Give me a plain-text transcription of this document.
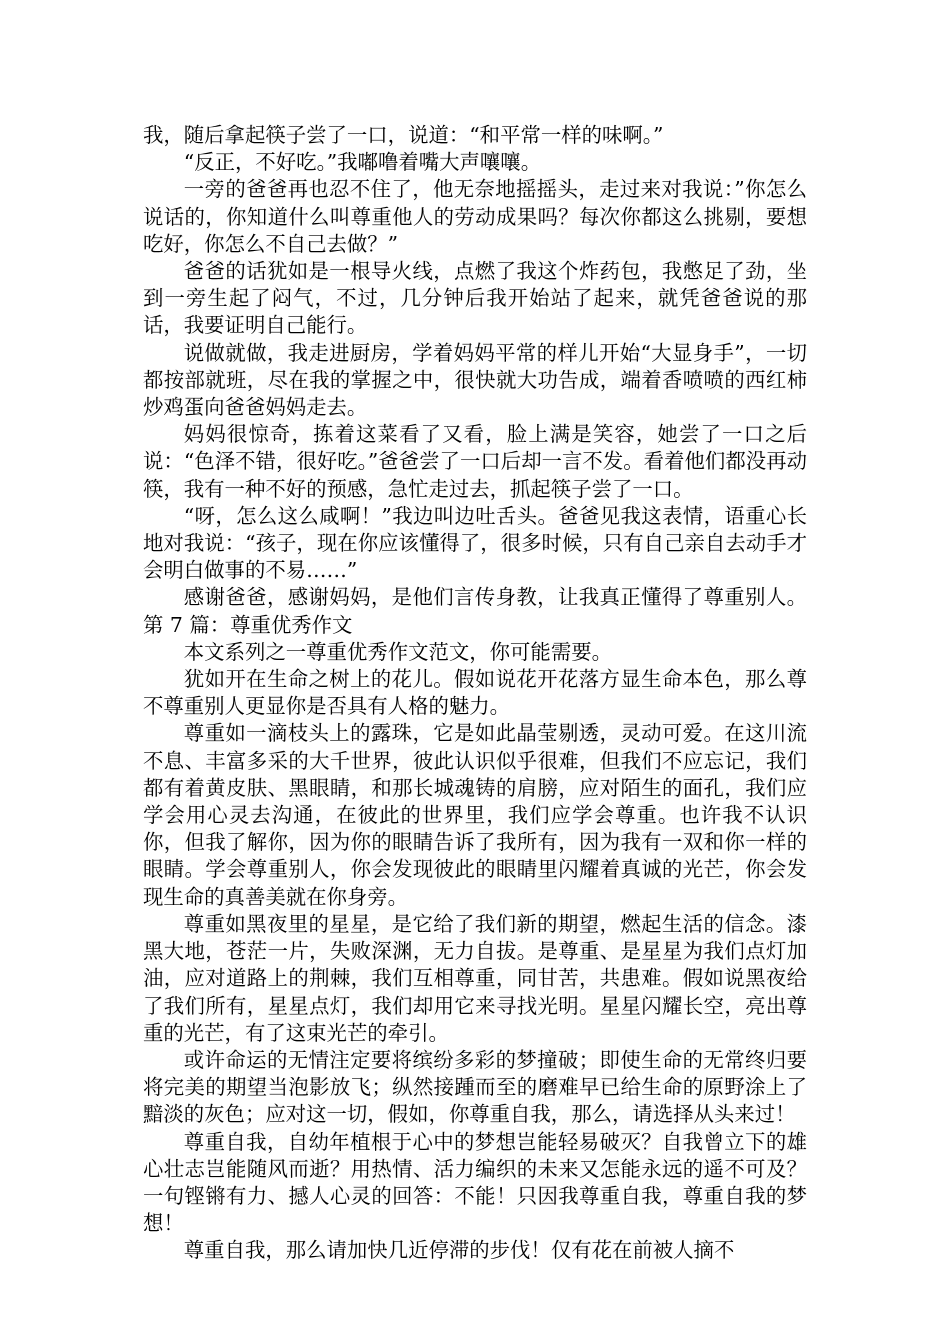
我，随后拿起筷子尝了一口，说道：“和平常一样的味啊。”

“反正，不好吃。”我嘟噜着嘴大声嚷嚷。

一旁的爸爸再也忍不住了，他无奈地摇摇头，走过来对我说：”你怎么说话的，你知道什么叫尊重他人的劳动成果吗？每次你都这么挑剔，要想吃好，你怎么不自己去做？”

爸爸的话犹如是一根导火线，点燃了我这个炸药包，我憋足了劲，坐到一旁生起了闷气，不过，几分钟后我开始站了起来，就凭爸爸说的那话，我要证明自己能行。

说做就做，我走进厨房，学着妈妈平常的样儿开始“大显身手”，一切都按部就班，尽在我的掌握之中，很快就大功告成，端着香喷喷的西红柿炒鸡蛋向爸爸妈妈走去。

妈妈很惊奇，拣着这菜看了又看，脸上满是笑容，她尝了一口之后说：“色泽不错，很好吃。”爸爸尝了一口后却一言不发。看着他们都没再动筷，我有一种不好的预感，急忙走过去，抓起筷子尝了一口。

“呀，怎么这么咸啊！”我边叫边吐舌头。爸爸见我这表情，语重心长地对我说：“孩子，现在你应该懂得了，很多时候，只有自己亲自去动手才会明白做事的不易……”

感谢爸爸，感谢妈妈，是他们言传身教，让我真正懂得了尊重别人。第 7 篇：尊重优秀作文

本文系列之一尊重优秀作文范文，你可能需要。

犹如开在生命之树上的花儿。假如说花开花落方显生命本色，那么尊不尊重别人更显你是否具有人格的魅力。

尊重如一滴枝头上的露珠，它是如此晶莹剔透，灵动可爱。在这川流不息、丰富多采的大千世界，彼此认识似乎很难，但我们不应忘记，我们都有着黄皮肤、黑眼睛，和那长城魂铸的肩膀，应对陌生的面孔，我们应学会用心灵去沟通，在彼此的世界里，我们应学会尊重。也许我不认识你，但我了解你，因为你的眼睛告诉了我所有，因为我有一双和你一样的眼睛。学会尊重别人，你会发现彼此的眼睛里闪耀着真诚的光芒，你会发现生命的真善美就在你身旁。

尊重如黑夜里的星星，是它给了我们新的期望，燃起生活的信念。漆黑大地，苍茫一片，失败深渊，无力自拔。是尊重、是星星为我们点灯加油，应对道路上的荆棘，我们互相尊重，同甘苦，共患难。假如说黑夜给了我们所有，星星点灯，我们却用它来寻找光明。星星闪耀长空，亮出尊重的光芒，有了这束光芒的牵引。

或许命运的无情注定要将缤纷多彩的梦撞破；即使生命的无常终归要将完美的期望当泡影放飞；纵然接踵而至的磨难早已给生命的原野涂上了黯淡的灰色；应对这一切，假如，你尊重自我，那么，请选择从头来过！

尊重自我，自幼年植根于心中的梦想岂能轻易破灭？自我曾立下的雄心壮志岂能随风而逝？用热情、活力编织的未来又怎能永远的遥不可及？一句铿锵有力、撼人心灵的回答：不能！只因我尊重自我，尊重自我的梦想！

尊重自我，那么请加快几近停滞的步伐！仅有花在前被人摘不
